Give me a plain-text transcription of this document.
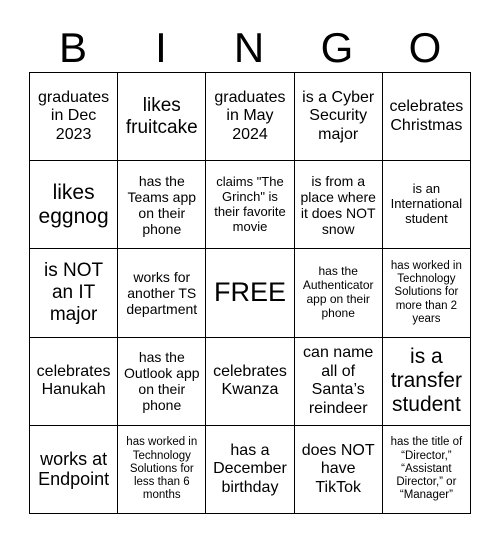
B	I	N	G	O
graduates in Dec 2023
likes fruitcake
graduates in May 2024
is a Cyber Security major
celebrates Christmas
likes eggnog
has the Teams app on their phone
claims "The Grinch" is their favorite movie
is from a place where it does NOT snow
is an International student
is NOT an IT major
works for another TS department
FREE
has the Authenticator app on their phone
has worked in Technology Solutions for more than 2 years
celebrates Hanukah
has the Outlook app on their phone
celebrates Kwanza
can name all of Santa’s reindeer
is a transfer student
works at Endpoint
has worked in Technology Solutions for less than 6 months
has a December birthday
does NOT have TikTok
has the title of “Director,” “Assistant Director,” or “Manager”
